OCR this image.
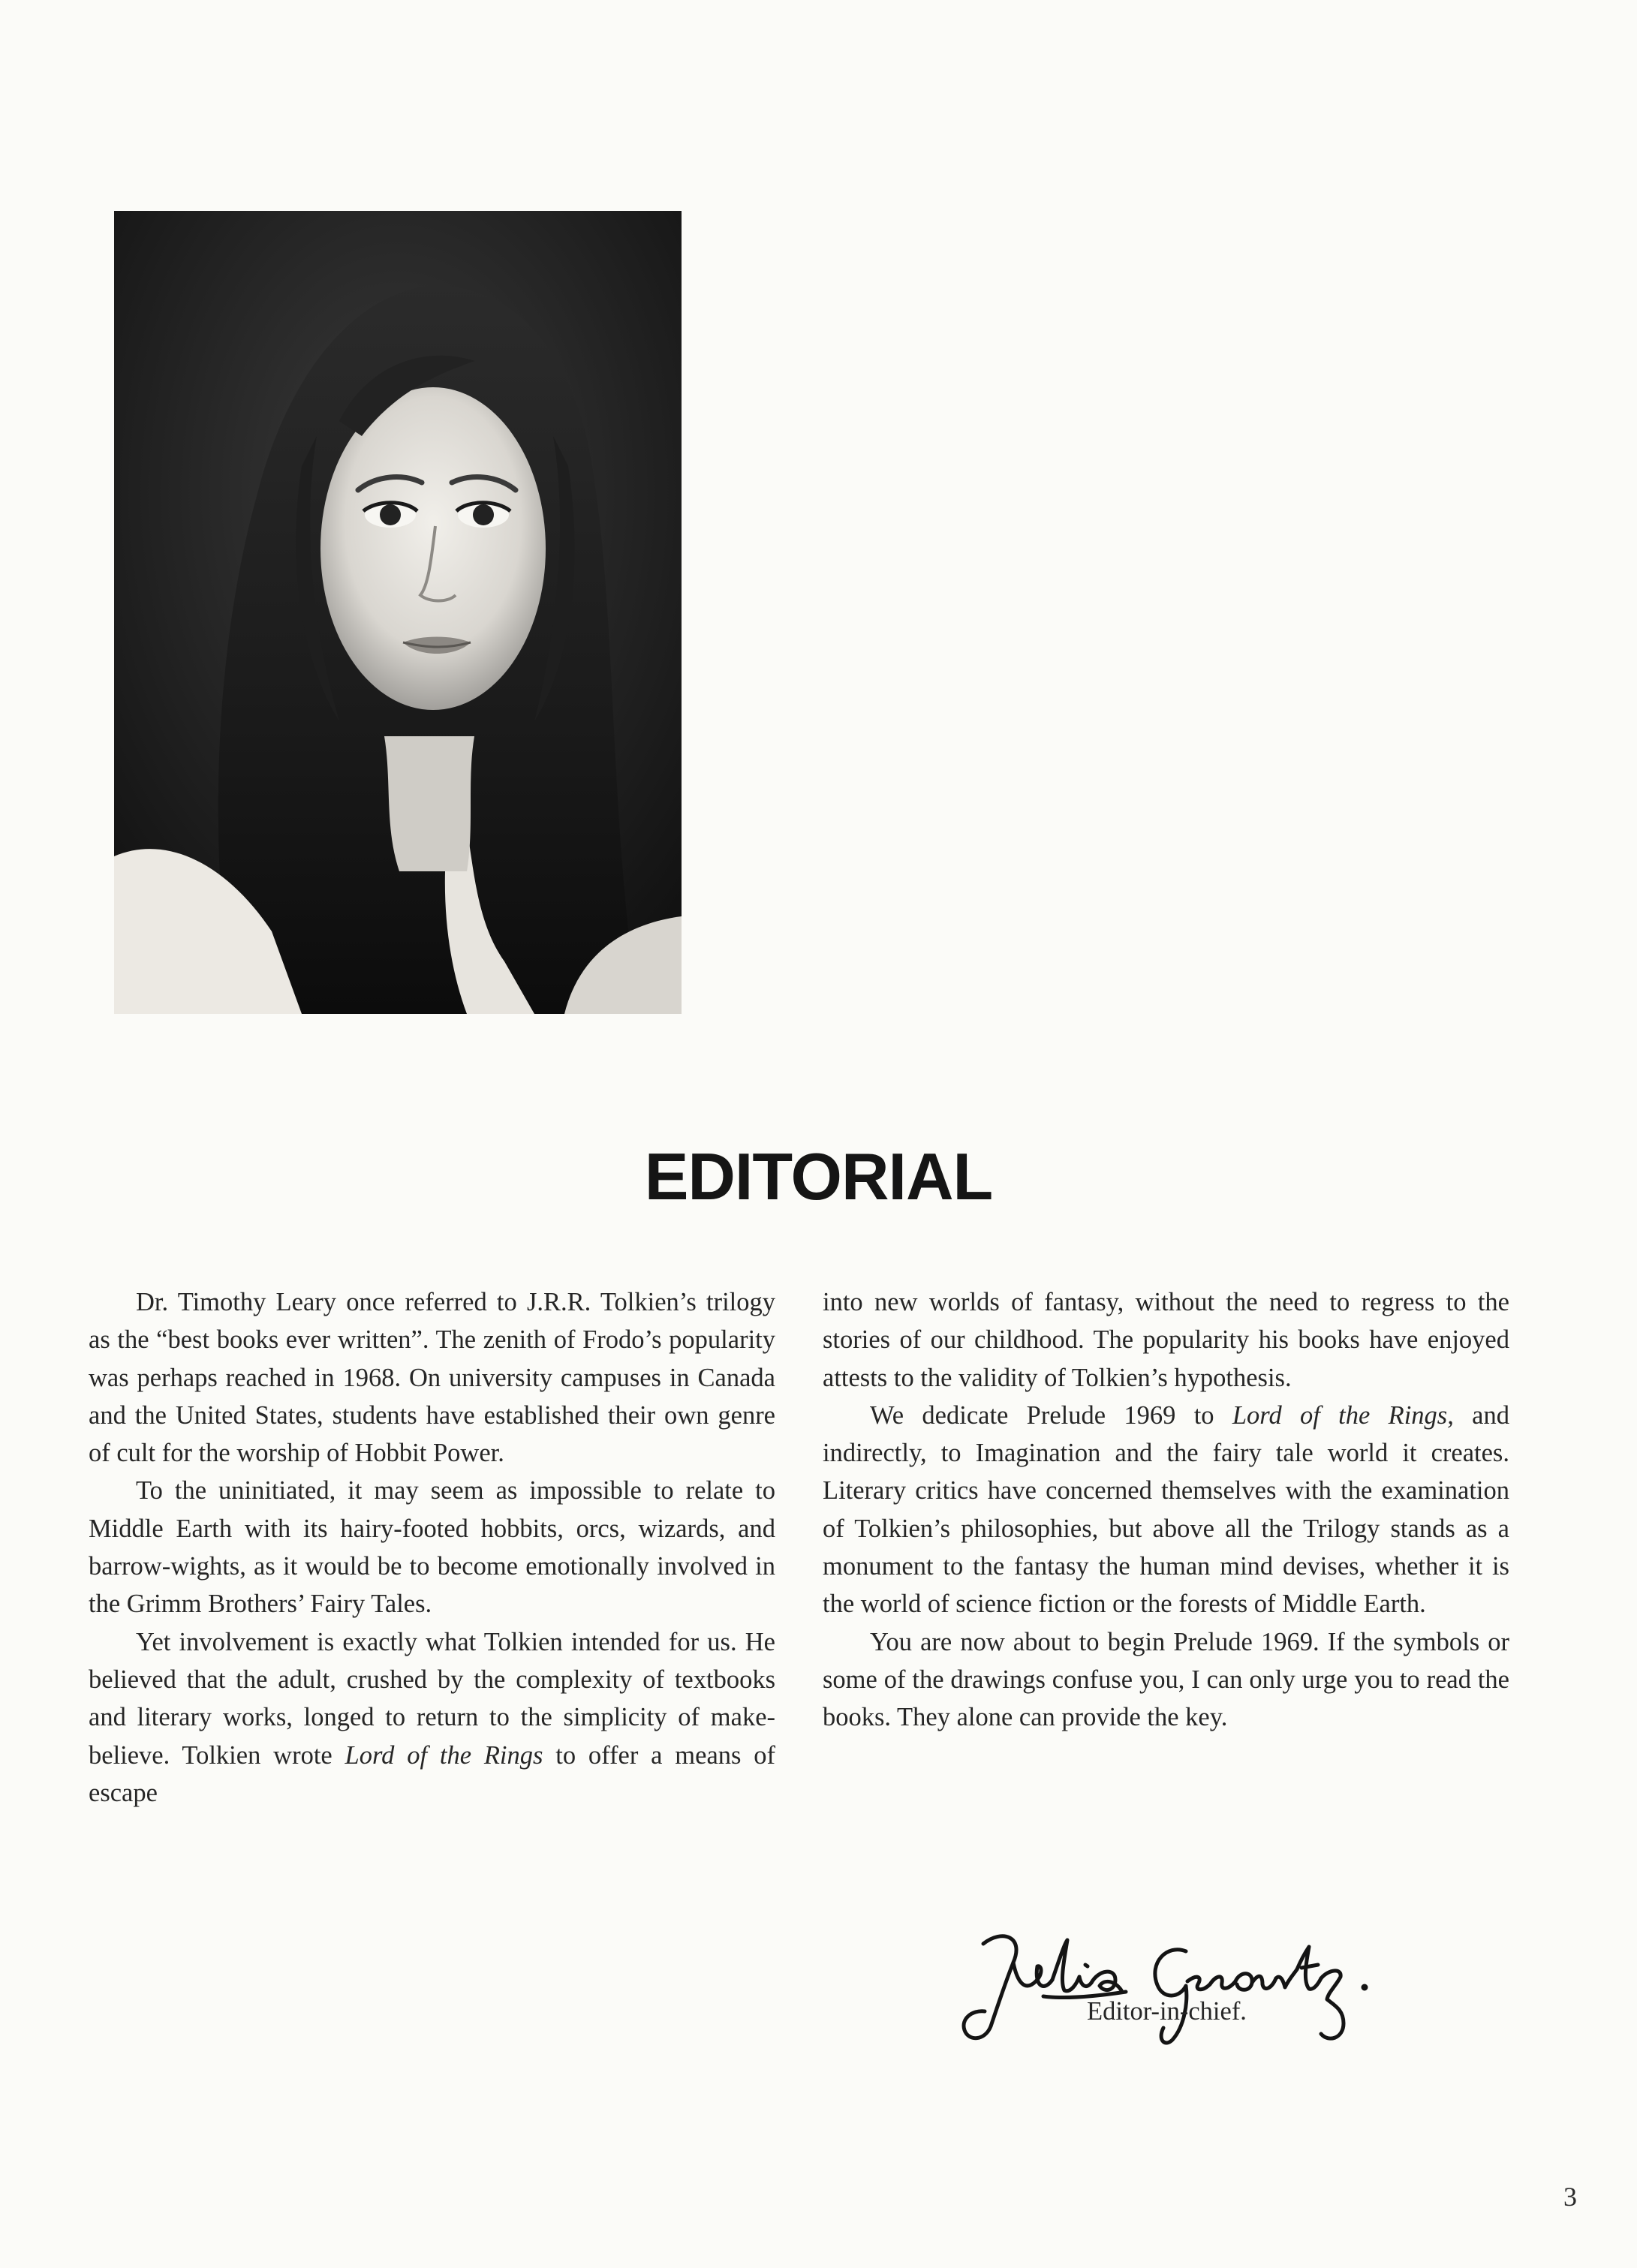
EDITORIAL

Dr. Timothy Leary once referred to J.R.R. Tolkien’s trilogy as the “best books ever written”. The zenith of Frodo’s popularity was perhaps reached in 1968. On university campuses in Canada and the United States, students have established their own genre of cult for the worship of Hobbit Power.

To the uninitiated, it may seem as impossible to relate to Middle Earth with its hairy-footed hobbits, orcs, wizards, and barrow-wights, as it would be to become emotionally involved in the Grimm Brothers’ Fairy Tales.

Yet involvement is exactly what Tolkien intended for us. He believed that the adult, crushed by the complexity of textbooks and literary works, longed to return to the simplicity of make-believe. Tolkien wrote Lord of the Rings to offer a means of escape

into new worlds of fantasy, without the need to regress to the stories of our childhood. The popularity his books have enjoyed attests to the validity of Tolkien’s hypothesis.

We dedicate Prelude 1969 to Lord of the Rings, and indirectly, to Imagination and the fairy tale world it creates. Literary critics have concerned themselves with the examination of Tolkien’s philosophies, but above all the Trilogy stands as a monument to the fantasy the human mind devises, whether it is the world of science fiction or the forests of Middle Earth.

You are now about to begin Prelude 1969. If the symbols or some of the drawings confuse you, I can only urge you to read the books. They alone can provide the key.

Editor-in-chief.
3
